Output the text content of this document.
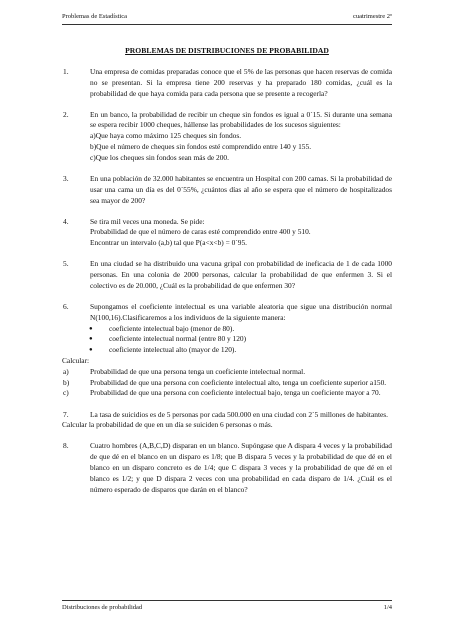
Problemas de Estadística	cuatrimestre 2º
PROBLEMAS DE DISTRIBUCIONES DE PROBABILIDAD
1.	Una empresa de comidas preparadas conoce que el 5% de las personas que hacen reservas de comida no se presentan. Si la empresa tiene 200 reservas y ha preparado 180 comidas, ¿cuál es la probabilidad de que haya comida para cada persona que se presente a recogerla?
2.	En un banco, la probabilidad de recibir un cheque sin fondos es igual a 0´15. Si durante una semana se espera recibir 1000 cheques, hállense las probabilidades de los sucesos siguientes:
a)Que haya como máximo 125 cheques sin fondos.
b)Que el número de cheques sin fondos esté comprendido entre 140 y 155.
c)Que los cheques sin fondos sean más de 200.
3.	En una población de 32.000 habitantes se encuentra un Hospital con 200 camas. Si la probabilidad de usar una cama un día es del 0´55%, ¿cuántos días al año se espera que el número de hospitalizados sea mayor de 200?
4.	Se tira mil veces una moneda. Se pide:
Probabilidad de que el número de caras esté comprendido entre 400 y 510.
Encontrar un intervalo (a,b) tal que P(a<x<b) = 0´95.
5.	En una ciudad se ha distribuido una vacuna gripal con probabilidad de ineficacia de 1 de cada 1000 personas. En una colonia de 2000 personas, calcular la probabilidad de que enfermen 3. Si el colectivo es de 20.000, ¿Cuál es la probabilidad de que enfermen 30?
6.	Supongamos el coeficiente intelectual es una variable aleatoria que sigue una distribución normal N(100,16).Clasificaremos a los individuos de la siguiente manera:
● coeficiente intelectual bajo (menor de 80).
● coeficiente intelectual normal (entre 80 y 120)
● coeficiente intelectual alto (mayor de 120).
Calcular:
a)	Probabilidad de que una persona tenga un coeficiente intelectual normal.
b)	Probabilidad de que una persona con coeficiente intelectual alto, tenga un coeficiente superior a150.
c)	Probabilidad de que una persona con coeficiente intelectual bajo, tenga un coeficiente mayor a 70.
7.	La tasa de suicidios es de 5 personas por cada 500.000 en una ciudad con 2´5 millones de habitantes.
Calcular la probabilidad de que en un día se suiciden 6 personas o más.
8.	Cuatro hombres (A,B,C,D) disparan en un blanco. Supóngase que A dispara 4 veces y la probabilidad de que dé en el blanco en un disparo es 1/8; que B dispara 5 veces y la probabilidad de que dé en el blanco en un disparo concreto es de 1/4; que C dispara 3 veces y la probabilidad de que dé en el blanco es 1/2; y que D dispara 2 veces con una probabilidad en cada disparo de 1/4. ¿Cuál es el número esperado de disparos que darán en el blanco?
Distribuciones de probabilidad	1/4
